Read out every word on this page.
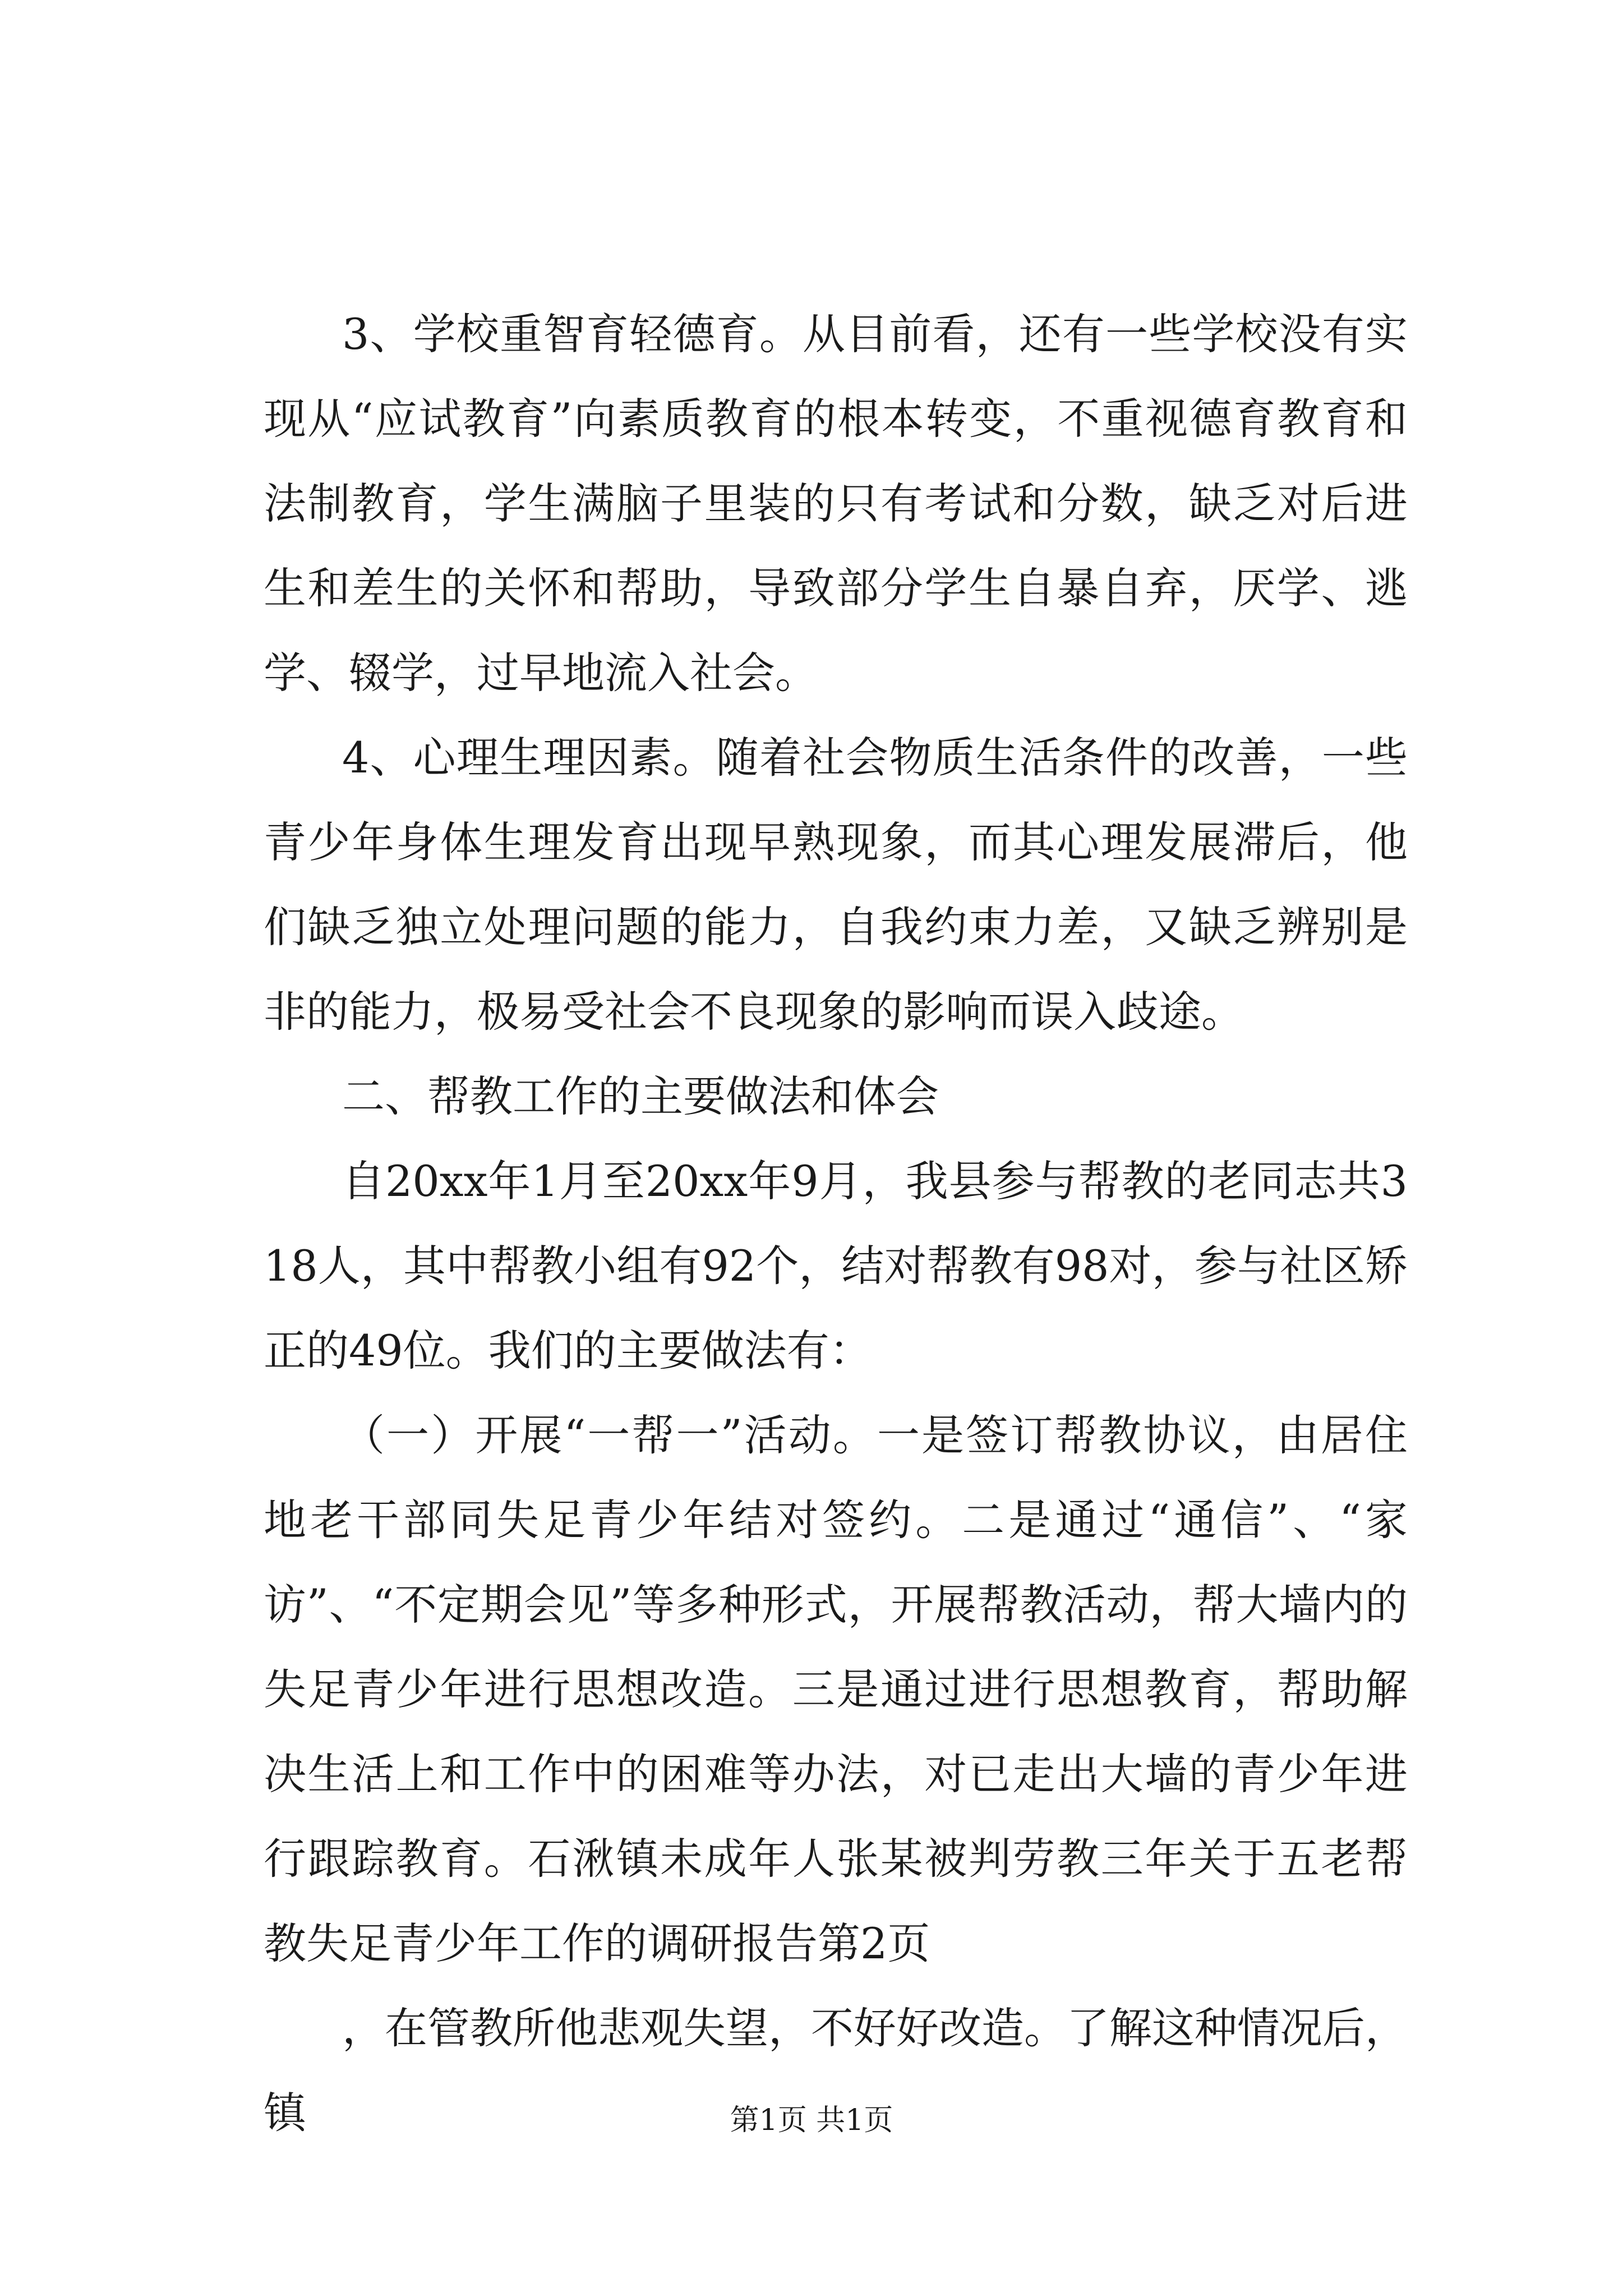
3、学校重智育轻德育。从目前看，还有一些学校没有实现从“应试教育”向素质教育的根本转变，不重视德育教育和法制教育，学生满脑子里装的只有考试和分数，缺乏对后进生和差生的关怀和帮助，导致部分学生自暴自弃，厌学、逃学、辍学，过早地流入社会。

4、心理生理因素。随着社会物质生活条件的改善，一些青少年身体生理发育出现早熟现象，而其心理发展滞后，他们缺乏独立处理问题的能力，自我约束力差，又缺乏辨别是非的能力，极易受社会不良现象的影响而误入歧途。

二、帮教工作的主要做法和体会

自20xx年1月至20xx年9月，我县参与帮教的老同志共318人，其中帮教小组有92个，结对帮教有98对，参与社区矫正的49位。我们的主要做法有：

（一）开展“一帮一”活动。一是签订帮教协议，由居住地老干部同失足青少年结对签约。二是通过“通信”、“家访”、“不定期会见”等多种形式，开展帮教活动，帮大墙内的失足青少年进行思想改造。三是通过进行思想教育，帮助解决生活上和工作中的困难等办法，对已走出大墙的青少年进行跟踪教育。石湫镇未成年人张某被判劳教三年关于五老帮教失足青少年工作的调研报告第2页

，在管教所他悲观失望，不好好改造。了解这种情况后，镇	第1页 共1页
